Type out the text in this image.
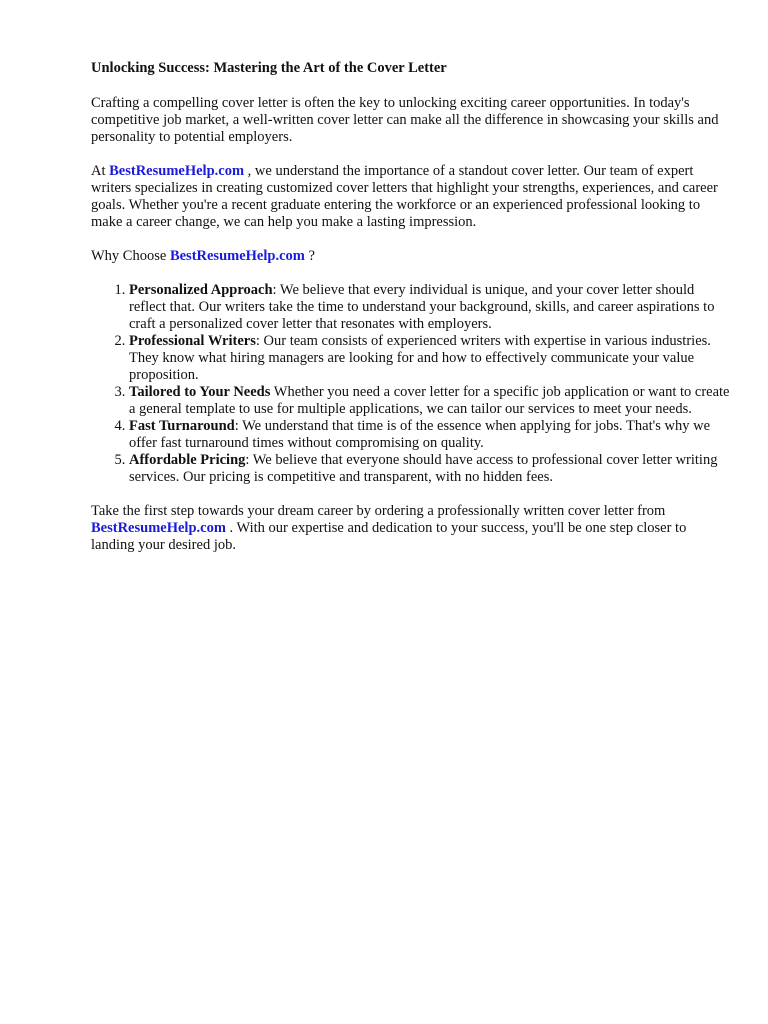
Unlocking Success: Mastering the Art of the Cover Letter

Crafting a compelling cover letter is often the key to unlocking exciting career opportunities. In today's competitive job market, a well-written cover letter can make all the difference in showcasing your skills and personality to potential employers.

At BestResumeHelp.com , we understand the importance of a standout cover letter. Our team of expert writers specializes in creating customized cover letters that highlight your strengths, experiences, and career goals. Whether you're a recent graduate entering the workforce or an experienced professional looking to make a career change, we can help you make a lasting impression.

Why Choose BestResumeHelp.com ?

1. Personalized Approach: We believe that every individual is unique, and your cover letter should reflect that. Our writers take the time to understand your background, skills, and career aspirations to craft a personalized cover letter that resonates with employers.
2. Professional Writers: Our team consists of experienced writers with expertise in various industries. They know what hiring managers are looking for and how to effectively communicate your value proposition.
3. Tailored to Your Needs Whether you need a cover letter for a specific job application or want to create a general template to use for multiple applications, we can tailor our services to meet your needs.
4. Fast Turnaround: We understand that time is of the essence when applying for jobs. That's why we offer fast turnaround times without compromising on quality.
5. Affordable Pricing: We believe that everyone should have access to professional cover letter writing services. Our pricing is competitive and transparent, with no hidden fees.

Take the first step towards your dream career by ordering a professionally written cover letter from BestResumeHelp.com . With our expertise and dedication to your success, you'll be one step closer to landing your desired job.
